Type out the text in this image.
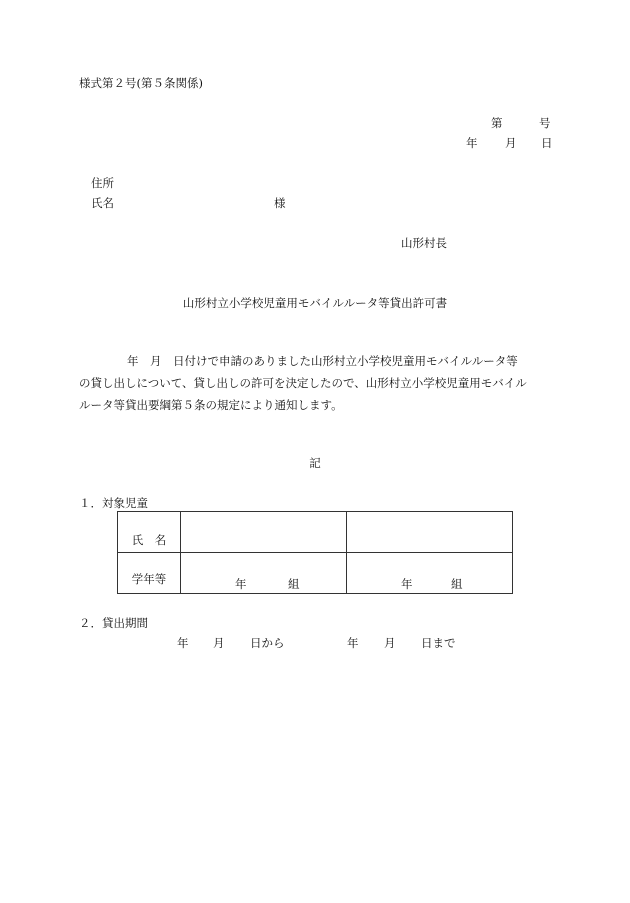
様式第２号(第５条関係)
第	号
年 月 日
住所
氏名	様
山形村長
山形村立小学校児童用モバイルルータ等貸出許可書
年　月　日付けで申請のありました山形村立小学校児童用モバイルルータ等
の貸し出しについて、貸し出しの許可を決定したので、山形村立小学校児童用モバイル
ルータ等貸出要綱第５条の規定により通知します。
記
１．対象児童
氏　名		
学年等	年 組	年 組
２．貸出期間
年 月 日から	年 月 日まで
